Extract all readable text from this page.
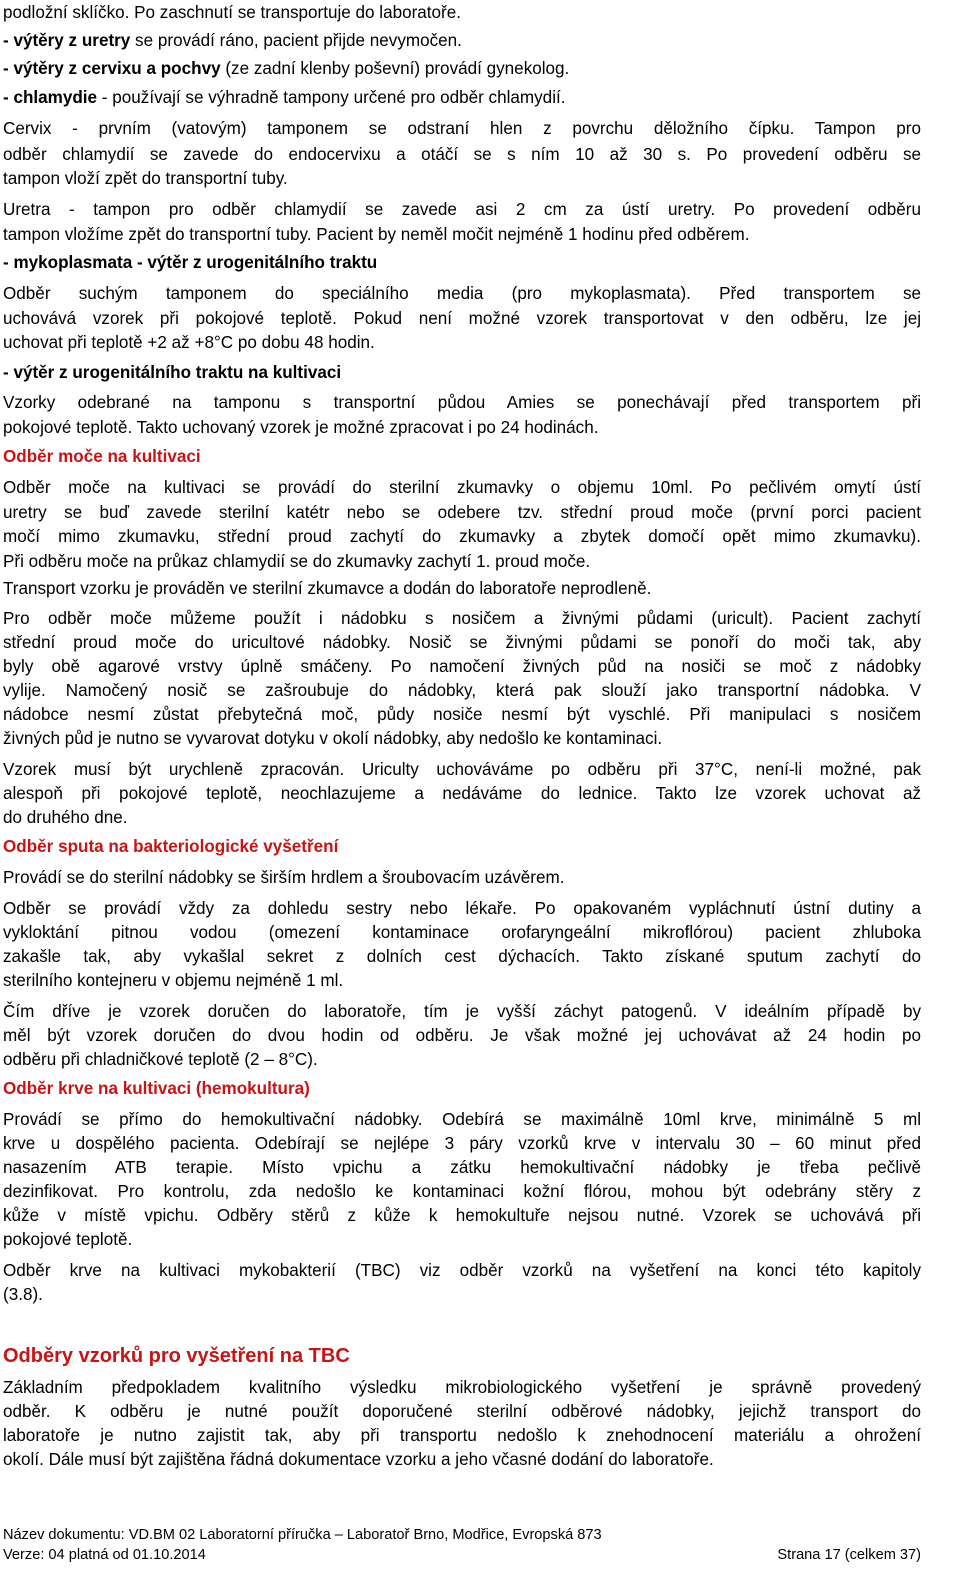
podložní sklíčko. Po zaschnutí se transportuje do laboratoře.
- výtěry z uretry se provádí ráno, pacient přijde nevymočen.
- výtěry z cervixu a pochvy (ze zadní klenby poševní) provádí gynekolog.
- chlamydie - používají se výhradně tampony určené pro odběr chlamydií.
Cervix - prvním (vatovým) tamponem se odstraní hlen z povrchu děložního čípku. Tampon pro
odběr chlamydií se zavede do endocervixu a otáčí se s ním 10 až 30 s. Po provedení odběru se
tampon vloží zpět do transportní tuby.
Uretra - tampon pro odběr chlamydií se zavede asi 2 cm za ústí uretry. Po provedení odběru
tampon vložíme zpět do transportní tuby. Pacient by neměl močit nejméně 1 hodinu před odběrem.
- mykoplasmata - výtěr z urogenitálního traktu
Odběr suchým tamponem do speciálního media (pro mykoplasmata). Před transportem se
uchovává vzorek při pokojové teplotě. Pokud není možné vzorek transportovat v den odběru, lze jej
uchovat při teplotě +2 až +8°C po dobu 48 hodin.
- výtěr z urogenitálního traktu na kultivaci
Vzorky odebrané na tamponu s transportní půdou Amies se ponechávají před transportem při
pokojové teplotě. Takto uchovaný vzorek je možné zpracovat i po 24 hodinách.
Odběr moče na kultivaci
Odběr moče na kultivaci se provádí do sterilní zkumavky o objemu 10ml. Po pečlivém omytí ústí
uretry se buď zavede sterilní katétr nebo se odebere tzv. střední proud moče (první porci pacient
močí mimo zkumavku, střední proud zachytí do zkumavky a zbytek domočí opět mimo zkumavku).
Při odběru moče na průkaz chlamydií se do zkumavky zachytí 1. proud moče.
Transport vzorku je prováděn ve sterilní zkumavce a dodán do laboratoře neprodleně.
Pro odběr moče můžeme použít i nádobku s nosičem a živnými půdami (uricult). Pacient zachytí
střední proud moče do uricultové nádobky. Nosič se živnými půdami se ponoří do moči tak, aby
byly obě agarové vrstvy úplně smáčeny. Po namočení živných půd na nosiči se moč z nádobky
vylije. Namočený nosič se zašroubuje do nádobky, která pak slouží jako transportní nádobka. V
nádobce nesmí zůstat přebytečná moč, půdy nosiče nesmí být vyschlé. Při manipulaci s nosičem
živných půd je nutno se vyvarovat dotyku v okolí nádobky, aby nedošlo ke kontaminaci.
Vzorek musí být urychleně zpracován. Uricultу uchováváme po odběru při 37°C, není-li možné, pak
alespoň při pokojové teplotě, neochlazujeme a nedáváme do lednice. Takto lze vzorek uchovat až
do druhého dne.
Odběr sputa na bakteriologické vyšetření
Provádí se do sterilní nádobky se širším hrdlem a šroubovacím uzávěrem.
Odběr se provádí vždy za dohledu sestry nebo lékaře. Po opakovaném vypláchnutí ústní dutiny a
vykloktání pitnou vodou (omezení kontaminace orofaryngeální mikroflórou) pacient zhluboka
zakašle tak, aby vykašlal sekret z dolních cest dýchacích. Takto získané sputum zachytí do
sterilního kontejneru v objemu nejméně 1 ml.
Čím dříve je vzorek doručen do laboratoře, tím je vyšší záchyt patogenů. V ideálním případě by
měl být vzorek doručen do dvou hodin od odběru. Je však možné jej uchovávat až 24 hodin po
odběru při chladničkové teplotě (2 – 8°C).
Odběr krve na kultivaci (hemokultura)
Provádí se přímo do hemokultivační nádobky. Odebírá se maximálně 10ml krve, minimálně 5 ml
krve u dospělého pacienta. Odebírají se nejlépe 3 páry vzorků krve v intervalu 30 – 60 minut před
nasazením ATB terapie. Místo vpichu a zátku hemokultivační nádobky je třeba pečlivě
dezinfikovat. Pro kontrolu, zda nedošlo ke kontaminaci kožní flórou, mohou být odebrány stěry z
kůže v místě vpichu. Odběry stěrů z kůže k hemokultuře nejsou nutné. Vzorek se uchovává při
pokojové teplotě.
Odběr krve na kultivaci mykobakterií (TBC) viz odběr vzorků na vyšetření na konci této kapitoly
(3.8).
Odběry vzorků pro vyšetření na TBC
Základním předpokladem kvalitního výsledku mikrobiologického vyšetření je správně provedený
odběr. K odběru je nutné použít doporučené sterilní odběrové nádobky, jejichž transport do
laboratoře je nutno zajistit tak, aby při transportu nedošlo k znehodnocení materiálu a ohrožení
okolí. Dále musí být zajištěna řádná dokumentace vzorku a jeho včasné dodání do laboratoře.
Název dokumentu: VD.BM 02 Laboratorní příručka – Laboratoř Brno, Modřice, Evropská 873
Verze: 04 platná od 01.10.2014	Strana 17 (celkem 37)
